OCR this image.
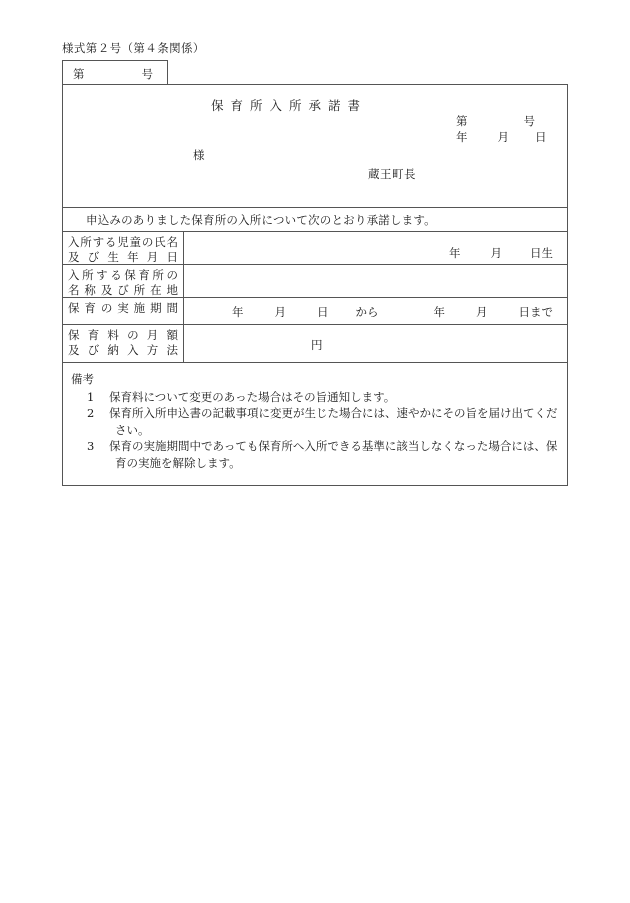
様式第２号（第４条関係）
第	号
保育所入所承諾書
第	号
年	月 日
様
蔵王町長
申込みのありました保育所の入所について次のとおり承諾します。
入所する児童の氏名
及び生年月日	年	月 日生
入所する保育所の
名称及び所在地
保育の実施期間	年	月	日 から	年	月	日まで
保育料の月額
及び納入方法	円
備考
1 保育料について変更のあった場合はその旨通知します。
2 保育所入所申込書の記載事項に変更が生じた場合には、速やかにその旨を届け出てください。
3 保育の実施期間中であっても保育所へ入所できる基準に該当しなくなった場合には、保育の実施を解除します。
